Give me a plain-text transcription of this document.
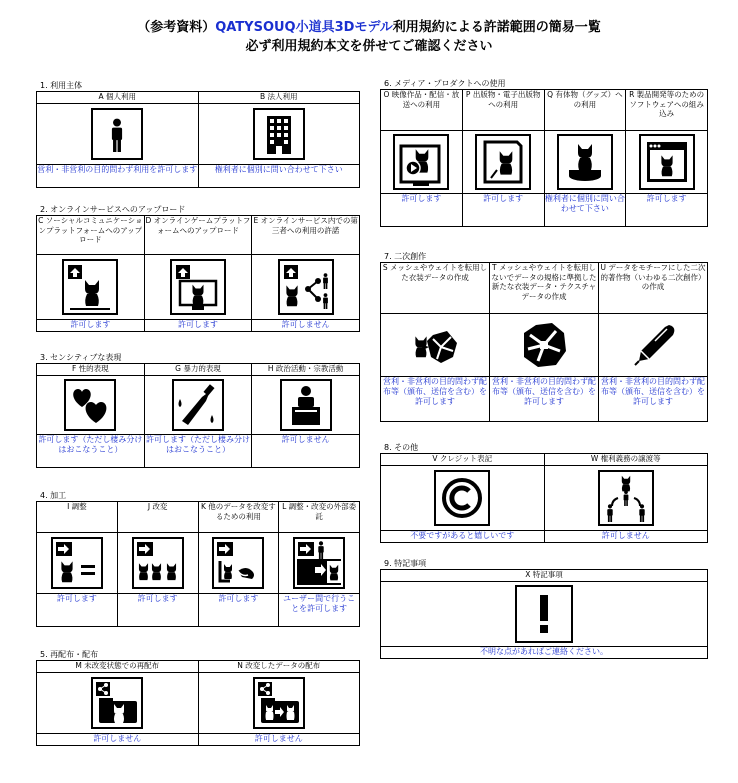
（参考資料）QATYSOUQ小道具3Dモデル利用規約による許諾範囲の簡易一覧
必ず利用規約本文を併せてご確認ください
1. 利用主体
A 個人利用	B 法人利用

営利・非営利の目的問わず利用を許可します	権利者に個別に問い合わせて下さい
2. オンラインサービスへのアップロード
C ソーシャルコミュニケーションプラットフォームへのアップロード	D オンラインゲームプラットフォームへのアップロード	E オンラインサービス内での第三者への利用の許諾

許可します	許可します	許可しません
3. センシティブな表現
F 性的表現	G 暴力的表現	H 政治活動・宗教活動

許可します（ただし棲み分けはおこなうこと）	許可します（ただし棲み分けはおこなうこと）	許可しません
4. 加工
I 調整	J 改変	K 他のデータを改変するための利用	L 調整・改変の外部委託

許可します	許可します	許可します	ユーザー間で行うことを許可します
5. 再配布・配布
M 未改変状態での再配布	N 改変したデータの配布

許可しません	許可しません
6. メディア・プロダクトへの使用
O 映像作品・配信・放送への利用	P 出版物・電子出版物への利用	Q 有体物（グッズ）への利用	R 製品開発等のためのソフトウェアへの組み込み

許可します	許可します	権利者に個別に問い合わせて下さい	許可します
7. 二次創作
S メッシュやウェイトを転用した衣装データの作成	T メッシュやウェイトを転用しないでデータの規格に準拠した新たな衣装データ・テクスチャデータの作成	U データをモチーフにした二次的著作物（いわゆる二次創作）の作成

営利・非営利の目的問わず配布等（頒布、送信を含む）を許可します	営利・非営利の目的問わず配布等（頒布、送信を含む）を許可します	営利・非営利の目的問わず配布等（頒布、送信を含む）を許可します
8. その他
V クレジット表記	W 権利義務の譲渡等

不要ですがあると嬉しいです	許可しません
9. 特記事項
X 特記事項

不明な点があればご連絡ください。
